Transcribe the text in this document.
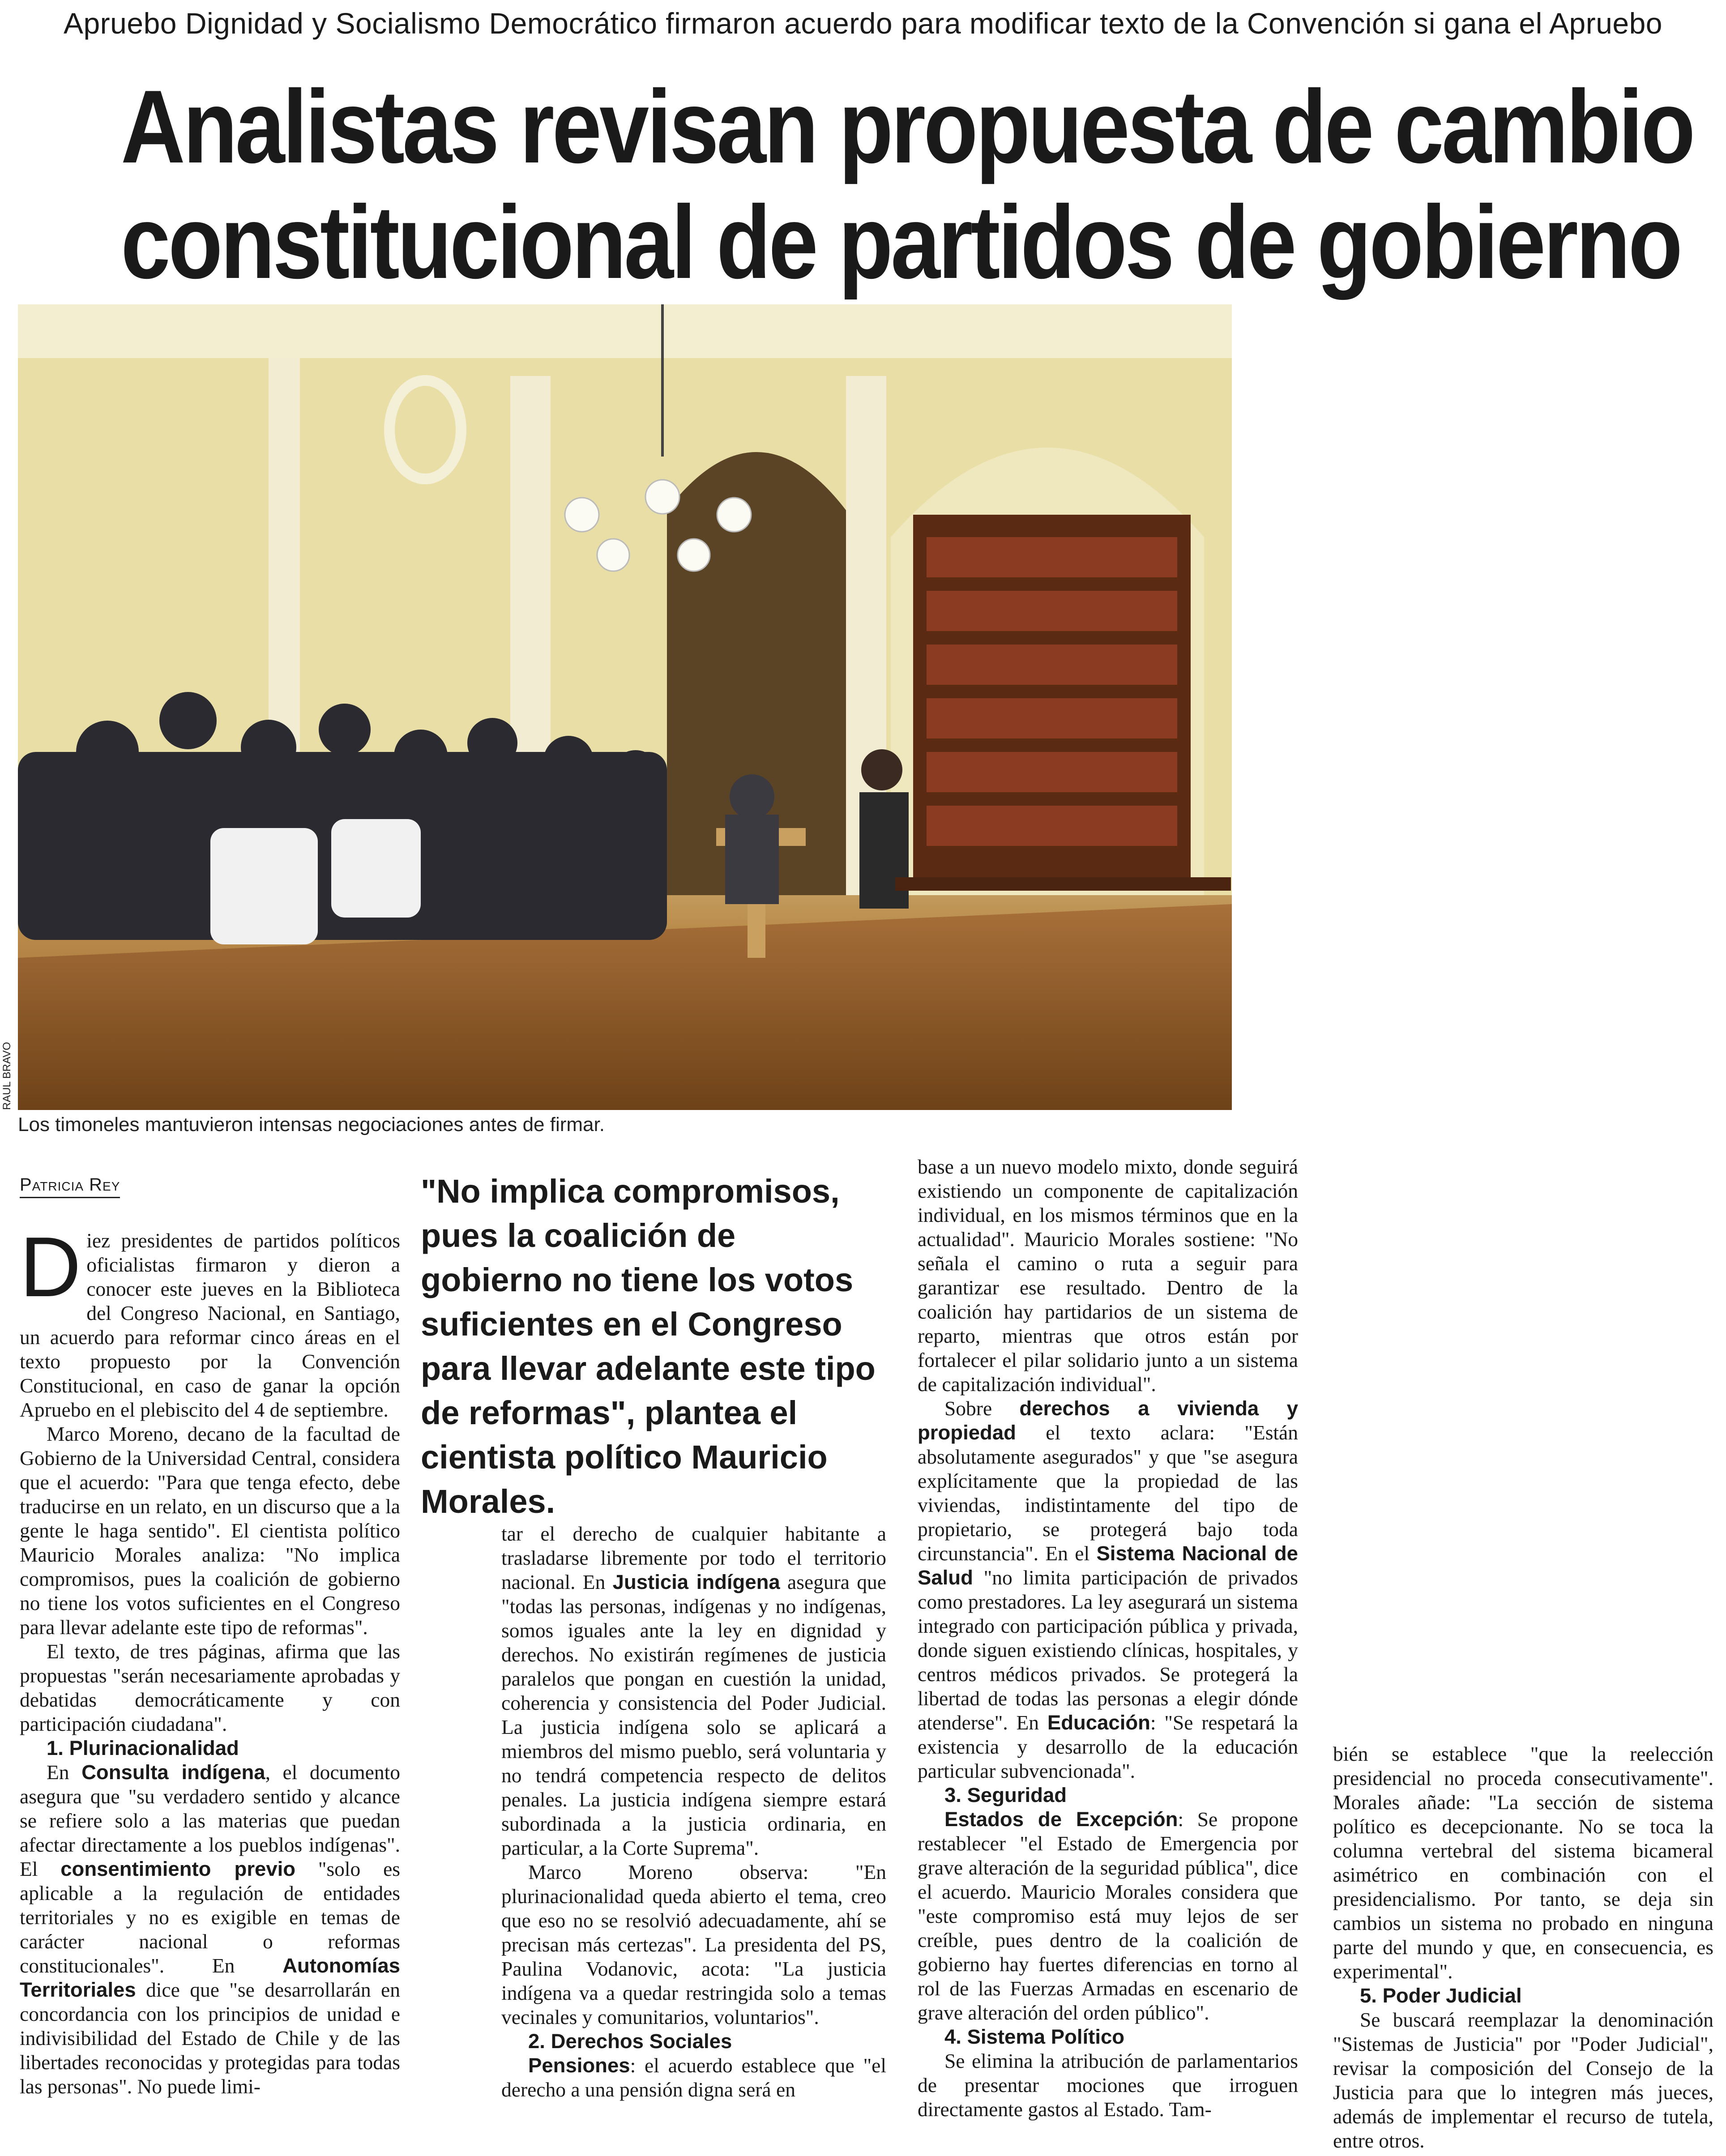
Apruebo Dignidad y Socialismo Democrático firmaron acuerdo para modificar texto de la Convención si gana el Apruebo
Analistas revisan propuesta de cambio
constitucional de partidos de gobierno
RAUL BRAVO
Los timoneles mantuvieron intensas negociaciones antes de firmar.
Patricia Rey	"No implica compromisos, pues la coalición de gobierno no tiene los votos suficientes en el Congreso para llevar adelante este tipo de reformas", plantea el cientista político Mauricio Morales.

Diez presidentes de partidos políticos oficialistas firmaron y dieron a conocer este jueves en la Biblioteca del Congreso Nacional, en Santiago, un acuerdo para reformar cinco áreas en el texto propuesto por la Convención Constitucional, en caso de ganar la opción Apruebo en el plebiscito del 4 de septiembre.

Marco Moreno, decano de la facultad de Gobierno de la Universidad Central, considera que el acuerdo: "Para que tenga efecto, debe traducirse en un relato, en un discurso que a la gente le haga sentido". El cientista político Mauricio Morales analiza: "No implica compromisos, pues la coalición de gobierno no tiene los votos suficientes en el Congreso para llevar adelante este tipo de reformas".

El texto, de tres páginas, afirma que las propuestas "serán necesariamente aprobadas y debatidas democráticamente y con participación ciudadana".

1. Plurinacionalidad

En Consulta indígena, el documento asegura que "su verdadero sentido y alcance se refiere solo a las materias que puedan afectar directamente a los pueblos indígenas". El consentimiento previo "solo es aplicable a la regulación de entidades territoriales y no es exigible en temas de carácter nacional o reformas constitucionales". En Autonomías Territoriales dice que "se desarrollarán en concordancia con los principios de unidad e indivisibilidad del Estado de Chile y de las libertades reconocidas y protegidas para todas las personas". No puede limi-

tar el derecho de cualquier habitante a trasladarse libremente por todo el territorio nacional. En Justicia indígena asegura que "todas las personas, indígenas y no indígenas, somos iguales ante la ley en dignidad y derechos. No existirán regímenes de justicia paralelos que pongan en cuestión la unidad, coherencia y consistencia del Poder Judicial. La justicia indígena solo se aplicará a miembros del mismo pueblo, será voluntaria y no tendrá competencia respecto de delitos penales. La justicia indígena siempre estará subordinada a la justicia ordinaria, en particular, a la Corte Suprema".

Marco Moreno observa: "En plurinacionalidad queda abierto el tema, creo que eso no se resolvió adecuadamente, ahí se precisan más certezas". La presidenta del PS, Paulina Vodanovic, acota: "La justicia indígena va a quedar restringida solo a temas vecinales y comunitarios, voluntarios".

2. Derechos Sociales

Pensiones: el acuerdo establece que "el derecho a una pensión digna será en

base a un nuevo modelo mixto, donde seguirá existiendo un componente de capitalización individual, en los mismos términos que en la actualidad". Mauricio Morales sostiene: "No señala el camino o ruta a seguir para garantizar ese resultado. Dentro de la coalición hay partidarios de un sistema de reparto, mientras que otros están por fortalecer el pilar solidario junto a un sistema de capitalización individual".

Sobre derechos a vivienda y propiedad el texto aclara: "Están absolutamente asegurados" y que "se asegura explícitamente que la propiedad de las viviendas, indistintamente del tipo de propietario, se protegerá bajo toda circunstancia". En el Sistema Nacional de Salud "no limita participación de privados como prestadores. La ley asegurará un sistema integrado con participación pública y privada, donde siguen existiendo clínicas, hospitales, y centros médicos privados. Se protegerá la libertad de todas las personas a elegir dónde atenderse". En Educación: "Se respetará la existencia y desarrollo de la educación particular subvencionada".

3. Seguridad

Estados de Excepción: Se propone restablecer "el Estado de Emergencia por grave alteración de la seguridad pública", dice el acuerdo. Mauricio Morales considera que "este compromiso está muy lejos de ser creíble, pues dentro de la coalición de gobierno hay fuertes diferencias en torno al rol de las Fuerzas Armadas en escenario de grave alteración del orden público".

4. Sistema Político

Se elimina la atribución de parlamentarios de presentar mociones que irroguen directamente gastos al Estado. Tam-

bién se establece "que la reelección presidencial no proceda consecutivamente". Morales añade: "La sección de sistema político es decepcionante. No se toca la columna vertebral del sistema bicameral asimétrico en combinación con el presidencialismo. Por tanto, se deja sin cambios un sistema no probado en ninguna parte del mundo y que, en consecuencia, es experimental".

5. Poder Judicial

Se buscará reemplazar la denominación "Sistemas de Justicia" por "Poder Judicial", revisar la composición del Consejo de la Justicia para que lo integren más jueces, además de implementar el recurso de tutela, entre otros.
